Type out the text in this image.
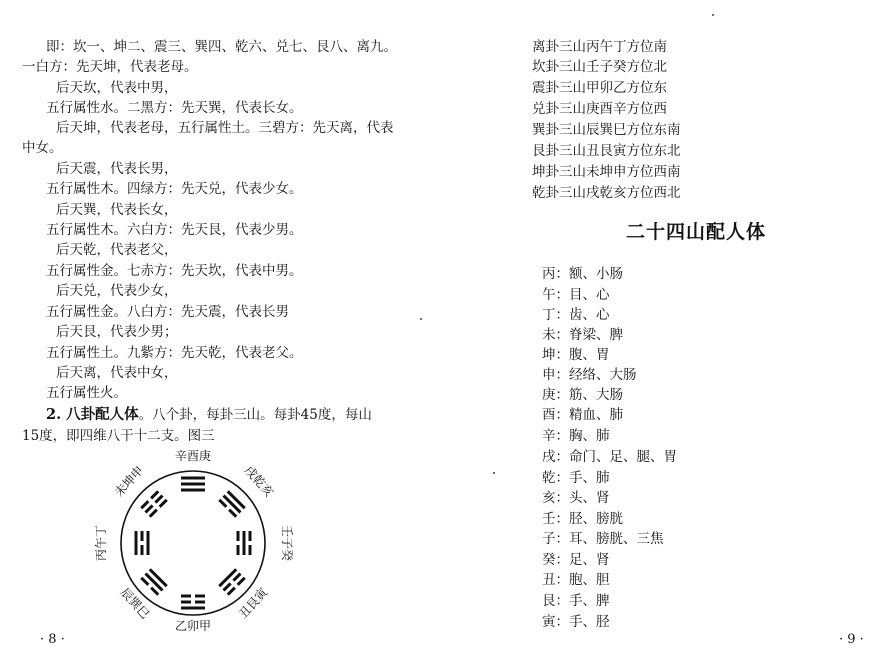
即：坎一、坤二、震三、巽四、乾六、兑七、艮八、离九。
一白方：先天坤，代表老母。
后天坎，代表中男，
五行属性水。二黑方：先天巽，代表长女。
后天坤，代表老母，五行属性土。三碧方：先天离，代表
中女。
后天震，代表长男，
五行属性木。四绿方：先天兑，代表少女。
后天巽，代表长女，
五行属性木。六白方：先天艮，代表少男。
后天乾，代表老父，
五行属性金。七赤方：先天坎，代表中男。
后天兑，代表少女，
五行属性金。八白方：先天震，代表长男
后天艮，代表少男；
五行属性土。九紫方：先天乾，代表老父。
后天离，代表中女，
五行属性火。
2. 八卦配人体。八个卦，每卦三山。每卦45度，每山
15度，即四维八干十二支。图三
辛酉庚
戌乾亥
壬子癸
丑艮寅
乙卯甲
辰巽巳
丙午丁
未坤申
· 8 ·
离卦三山丙午丁方位南
坎卦三山壬子癸方位北
震卦三山甲卯乙方位东
兑卦三山庚酉辛方位西
巽卦三山辰巽巳方位东南
艮卦三山丑艮寅方位东北
坤卦三山未坤申方位西南
乾卦三山戌乾亥方位西北
二十四山配人体
丙：额、小肠
午：目、心
丁：齿、心
未：脊梁、脾
坤：腹、胃
申：经络、大肠
庚：筋、大肠
酉：精血、肺
辛：胸、肺
戌：命门、足、腿、胃
乾：手、肺
亥：头、肾
壬：胫、膀胱
子：耳、膀胱、三焦
癸：足、肾
丑：胞、胆
艮：手、脾
寅：手、胫
· 9 ·
